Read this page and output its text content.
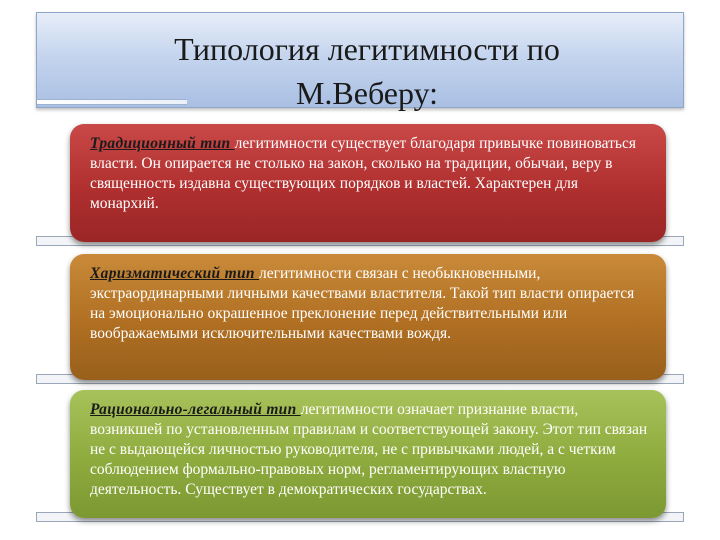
Типология легитимности по
М.Веберу:

Традиционный тип легитимности существует благодаря привычке повиноваться власти. Он опирается не столько на закон, сколько на традиции, обычаи, веру в священность издавна существующих порядков и властей. Характерен для монархий.

Харизматический тип легитимности связан с необыкновенными, экстраординарными личными качествами властителя. Такой тип власти опирается на эмоционально окрашенное преклонение перед действительными или воображаемыми исключительными качествами вождя.

Рационально-легальный тип легитимности означает признание власти, возникшей по установленным правилам и соответствующей закону. Этот тип связан не с выдающейся личностью руководителя, не с привычками людей, а с четким соблюдением формально-правовых норм, регламентирующих властную деятельность. Существует в демократических государствах.
